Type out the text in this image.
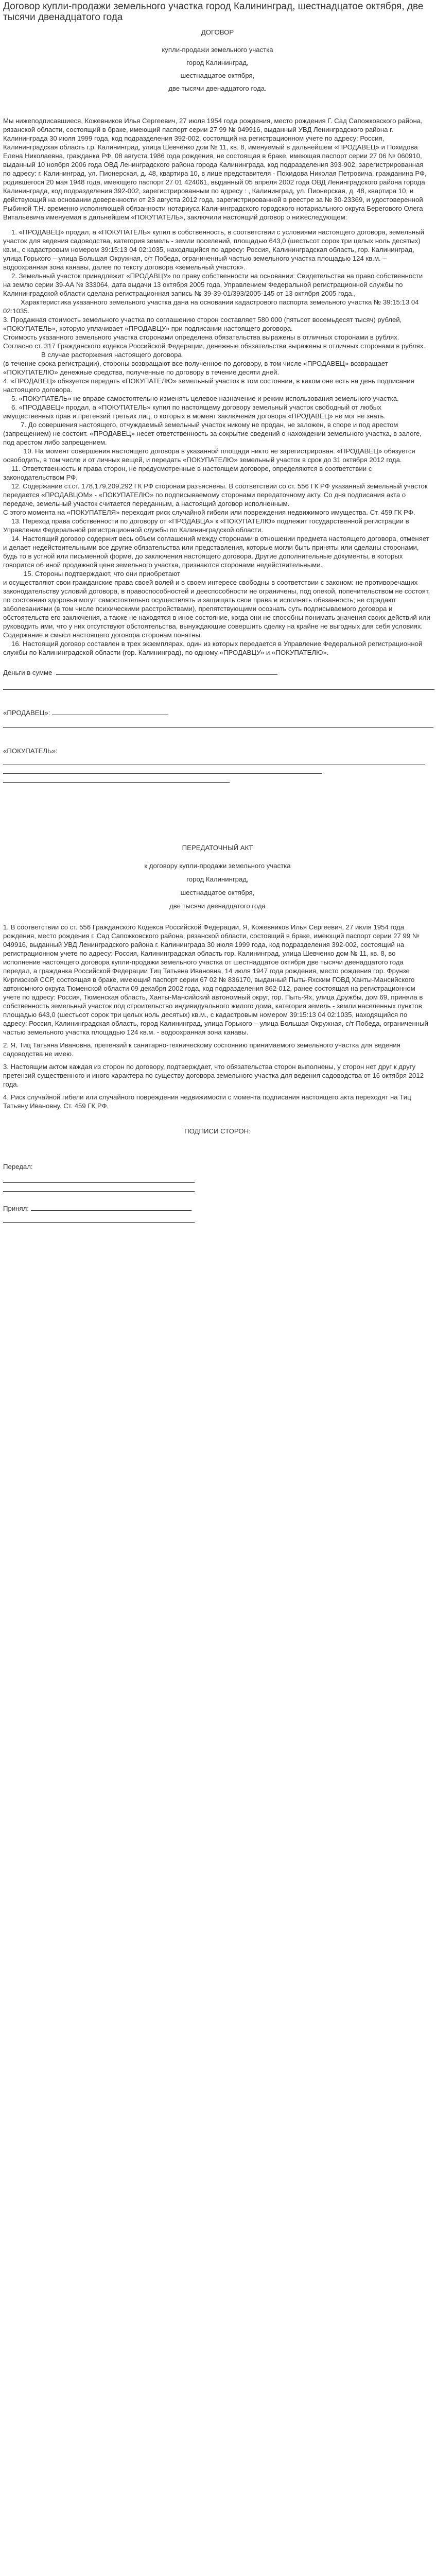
Договор купли-продажи земельного участка город Калининград, шестнадцатое октября, две тысячи двенадцатого года

ДОГОВОР

купли-продажи земельного участка

город Калининград,

шестнадцатое октября,

две тысячи двенадцатого года.

Мы нижеподписавшиеся, Кожевников Илья Сергеевич, 27 июля 1954 года рождения, место рождения Г. Сад Сапожковского района, рязанской области, состоящий в браке, имеющий паспорт серии 27 99 № 049916, выданный УВД Ленинградского района г. Калининграда 30 июля 1999 года, код подразделения 392-002, состоящий на регистрационном учете по адресу: Россия, Калининградская область г.р. Калининград, улица Шевченко дом № 11, кв. 8, именуемый в дальнейшем «ПРОДАВЕЦ» и Похидова Елена Николаевна, гражданка РФ, 08 августа 1986 года рождения, не состоящая в браке, имеющая паспорт серии 27 06 № 060910, выданный 10 ноября 2006 года ОВД Ленинградского района города Калининграда, код подразделения 393-902, зарегистрированная по адресу: г. Калининград, ул. Пионерская, д. 48, квартира 10, в лице представителя - Похидова Николая Петровича, гражданина РФ, родившегося 20 мая 1948 года, имеющего паспорт 27 01 424061, выданный 05 апреля 2002 года ОВД Ленинградского района города Калининграда, код подразделения 392-002, зарегистрированным по адресу : , Калининград, ул. Пионерская, д. 48, квартира 10, и действующий на основании доверенности от 23 августа 2012 года, зарегистрированной в реестре за № 30-23369, и удостоверенной Рыбиной Т.Н. временно исполняющей обязанности нотариуса Калининградского городского нотариального округа Берегового Олега Витальевича именуемая в дальнейшем «ПОКУПАТЕЛЬ», заключили настоящий договор о нижеследующем:

1. «ПРОДАВЕЦ» продал, а «ПОКУПАТЕЛЬ» купил в собственность, в соответствии с условиями настоящего договора, земельный участок для ведения садоводства, категория земель - земли поселений, площадью 643,0 (шестьсот сорок три целых ноль десятых) кв.м., с кадастровым номером 39:15:13 04 02:1035, находящийся по адресу: Россия, Калининградская область, гор. Калининград, улица Горького – улица Большая Окружная, с/т Победа, ограниченный частью земельного участка площадью 124 кв.м. – водоохранная зона канавы, далее по тексту договора «земельный участок».

2. Земельный участок принадлежит «ПРОДАВЦУ» по праву собственности на основании: Свидетельства на право собственности на землю серии 39-АА № 333064, дата выдачи 13 октября 2005 года, Управлением Федеральной регистрационной службы по Калининградской области сделана регистрационная запись № 39-39-01/393/2005-145 от 13 октября 2005 года.,

Характеристика указанного земельного участка дана на основании кадастрового паспорта земельного участка № 39:15:13 04 02:1035.

3. Продажная стоимость земельного участка по соглашению сторон составляет 580 000 (пятьсот восемьдесят тысяч) рублей, «ПОКУПАТЕЛЬ», которую уплачивает «ПРОДАВЦУ» при подписании настоящего договора.

Стоимость указанного земельного участка сторонами определена обязательства выражены в отличных сторонами в рублях.

Согласно ст. 317 Гражданского кодекса Российской Федерации, денежные обязательства выражены в отличных сторонами в рублях.

В случае расторжения настоящего договора

(в течение срока регистрации), стороны возвращают все полученное по договору, в том числе «ПРОДАВЕЦ» возвращает «ПОКУПАТЕЛЮ» денежные средства, полученные по договору в течение десяти дней.

4. «ПРОДАВЕЦ» обязуется передать «ПОКУПАТЕЛЮ» земельный участок в том состоянии, в каком оне есть на день подписания настоящего договора.

5. «ПОКУПАТЕЛЬ» не вправе самостоятельно изменять целевое назначение и режим использования земельного участка.

6. «ПРОДАВЕЦ» продал, а «ПОКУПАТЕЛЬ» купил по настоящему договору земельный участок свободный от любых имущественных прав и претензий третьих лиц, о которых в момент заключения договора «ПРОДАВЕЦ» не мог не знать.

7. До совершения настоящего, отчуждаемый земельный участок никому не продан, не заложен, в споре и под арестом (запрещением) не состоит. «ПРОДАВЕЦ» несет ответственность за сокрытие сведений о нахождении земельного участка, в залоге, под арестом либо запрещением.

10. На момент совершения настоящего договора в указанной площади никто не зарегистрирован. «ПРОДАВЕЦ» обязуется освободить, в том числе и от личных вещей, и передать «ПОКУПАТЕЛЮ» земельный участок в срок до 31 октября 2012 года.

11. Ответственность и права сторон, не предусмотренные в настоящем договоре, определяются в соответствии с законодательством РФ.

12. Содержание ст.ст. 178,179,209,292 ГК РФ сторонам разъяснены. В соответствии со ст. 556 ГК РФ указанный земельный участок передается «ПРОДАВЦОМ» - «ПОКУПАТЕЛЮ» по подписываемому сторонами передаточному акту. Со дня подписания акта о передаче, земельный участок считается переданным, а настоящий договор исполненным.

С этого момента на «ПОКУПАТЕЛЯ» переходит риск случайной гибели или повреждения недвижимого имущества. Ст. 459 ГК РФ.

13. Переход права собственности по договору от «ПРОДАВЦА» к «ПОКУПАТЕЛЮ» подлежит государственной регистрации в Управлении Федеральной регистрационной службы по Калининградской области.

14. Настоящий договор содержит весь объем соглашений между сторонами в отношении предмета настоящего договора, отменяет и делает недействительными все другие обязательства или представления, которые могли быть приняты или сделаны сторонами, будь то в устной или письменной форме, до заключения настоящего договора. Другие дополнительные документы, в которых говорится об иной продажной цене земельного участка, признаются сторонами недействительными.

15. Стороны подтверждают, что они приобретают

и осуществляют свои гражданские права своей волей и в своем интересе свободны в соответствии с законом: не противоречащих законодательству условий договора, в правоспособностей и дееспособности не ограничены, под опекой, попечительством не состоят, по состоянию здоровья могут самостоятельно осуществлять и защищать свои права и исполнять обязанность; не страдают заболеваниями (в том числе психическими расстройствами), препятствующими осознать суть подписываемого договора и обстоятельств его заключения, а также не находятся в иное состояние, когда они не способны понимать значения своих действий или руководить ими, что у них отсутствуют обстоятельства, вынуждающие совершить сделку на крайне не выгодных для себя условиях. Содержание и смысл настоящего договора сторонам понятны.

16. Настоящий договор составлен в трех экземплярах, один из которых передается в Управление Федеральной регистрационной службы по Калининградской области (гор. Калининград), по одному «ПРОДАВЦУ» и «ПОКУПАТЕЛЮ».

Деньги в сумме

«ПРОДАВЕЦ»:

«ПОКУПАТЕЛЬ»:

ПЕРЕДАТОЧНЫЙ АКТ

к договору купли-продажи земельного участка

город Калининград,

шестнадцатое октября,

две тысячи двенадцатого года

1. В соответствии со ст. 556 Гражданского Кодекса Российской Федерации, Я, Кожевников Илья Сергеевич, 27 июля 1954 года рождения, место рождения г. Сад Сапожковского района, рязанской области, состоящий в браке, имеющий паспорт серии 27 99 № 049916, выданный УВД Ленинградского района г. Калининграда 30 июля 1999 года, код подразделения 392-002, состоящий на регистрационном учете по адресу: Россия, Калининградская область гор. Калининград, улица Шевченко дом № 11, кв. 8, во исполнение настоящего договора купли-продажи земельного участка от шестнадцатое октября две тысячи двенадцатого года передал, а гражданка Российской Федерации Тиц Татьяна Ивановна, 14 июля 1947 года рождения, место рождения гор. Фрунзе Киргизской ССР, состоящая в браке, имеющий паспорт серии 67 02 № 836170, выданный Пыть-Яхским ГОВД Ханты-Мансийского автономного округа Тюменской области 09 декабря 2002 года, код подразделения 862-012, ранее состоящая на регистрационном учете по адресу: Россия, Тюменская область, Ханты-Мансийский автономный округ, гор. Пыть-Ях, улица Дружбы, дом 69, приняла в собственность земельный участок под строительство индивидуального жилого дома, категория земель - земли населенных пунктов площадью 643,0 (шестьсот сорок три целых ноль десятых) кв.м., с кадастровым номером 39:15:13 04 02:1035, находящийся по адресу: Россия, Калининградская область, город Калининград, улица Горького – улица Большая Окружная, с/т Победа, ограниченный частью земельного участка площадью 124 кв.м. - водоохранная зона канавы.

2. Я, Тиц Татьяна Ивановна, претензий к санитарно-техническому состоянию принимаемого земельного участка для ведения садоводства не имею.

3. Настоящим актом каждая из сторон по договору, подтверждает, что обязательства сторон выполнены, у сторон нет друг к другу претензий существенного и иного характера по существу договора земельного участка для ведения садоводства от 16 октября 2012 года.

4. Риск случайной гибели или случайного повреждения недвижимости с момента подписания настоящего акта переходят на Тиц Татьяну Ивановну. Ст. 459 ГК РФ.

ПОДПИСИ СТОРОН:

Передал:

Принял:
